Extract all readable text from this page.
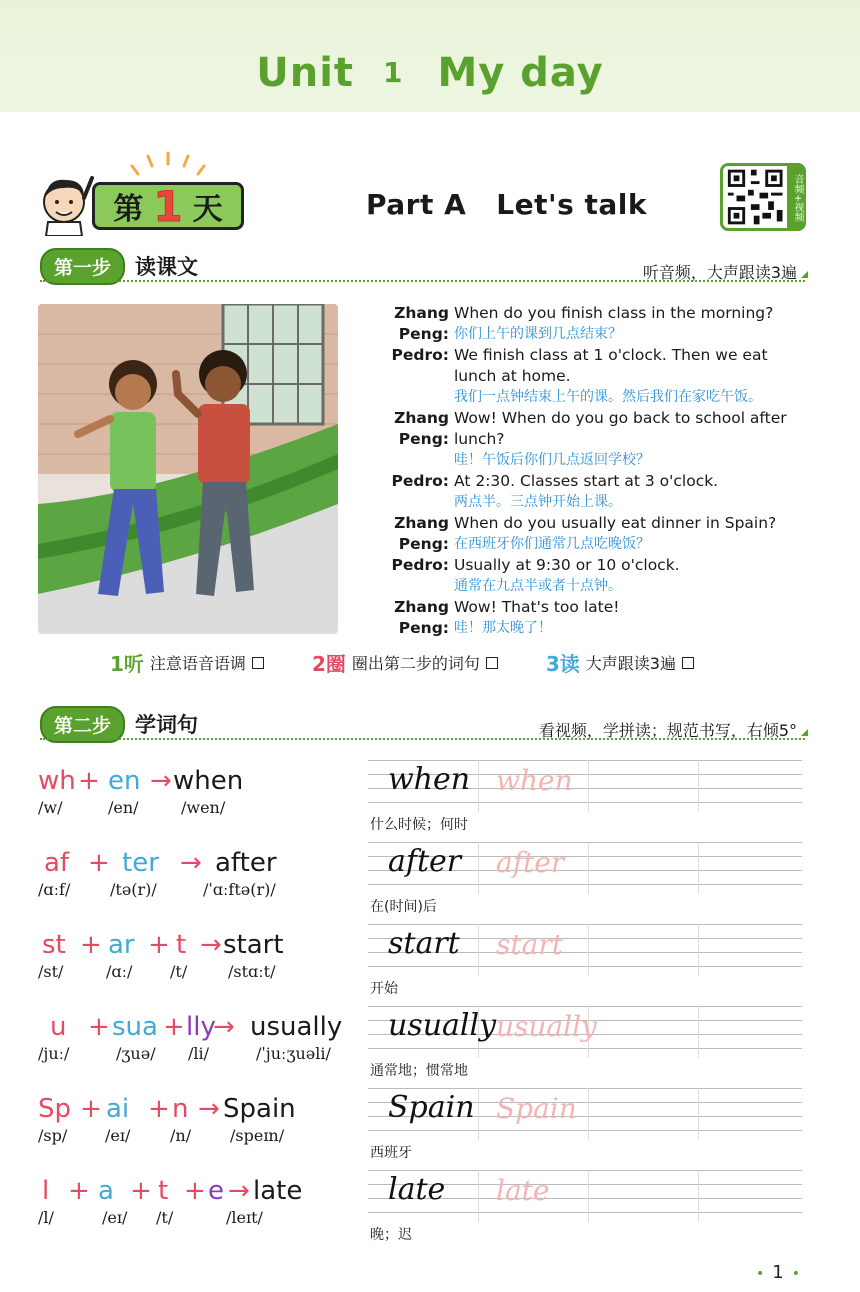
Unit 1 My day
第 1 天	Part A Let's talk	音频+视频
第一步	读课文	听音频，大声跟读3遍
Zhang Peng:
When do you finish class in the morning?
你们上午的课到几点结束？
Pedro: We finish class at 1 o'clock. Then we eat lunch at home.
我们一点钟结束上午的课。然后我们在家吃午饭。
Zhang Peng:
Wow! When do you go back to school after lunch?
哇！午饭后你们几点返回学校？
Pedro: At 2:30. Classes start at 3 o'clock.
两点半。三点钟开始上课。
Zhang Peng:
When do you usually eat dinner in Spain?
在西班牙你们通常几点吃晚饭？
Pedro: Usually at 9:30 or 10 o'clock.
通常在九点半或者十点钟。
Zhang Peng:
Wow! That's too late!
哇！那太晚了！
1听 注意语音语调	2圈 圈出第二步的词句	3读 大声跟读3遍
第二步	学词句	看视频，学拼读；规范书写，右倾5°
wh + en → when
/w/	/en/	/wen/
when when
什么时候；何时
af + ter → after
/ɑːf/ /tə(r)/	/ˈɑːftə(r)/
after after
在(时间)后
st + ar + t → start
/st/	/ɑː/ /t/	/stɑːt/
start start
开始
u + sua + lly
→ usually
/juː/	/ʒuə/ /li/	/ˈjuːʒuəli/
usually usually
通常地；惯常地
Sp + ai + n → Spain
/sp/ /eɪ/ /n/ /speɪn/
Spain Spain
西班牙
l + a + t + e → late
/l/	/eɪ/ /t/	/leɪt/
late late
晚；迟
• 1 •
